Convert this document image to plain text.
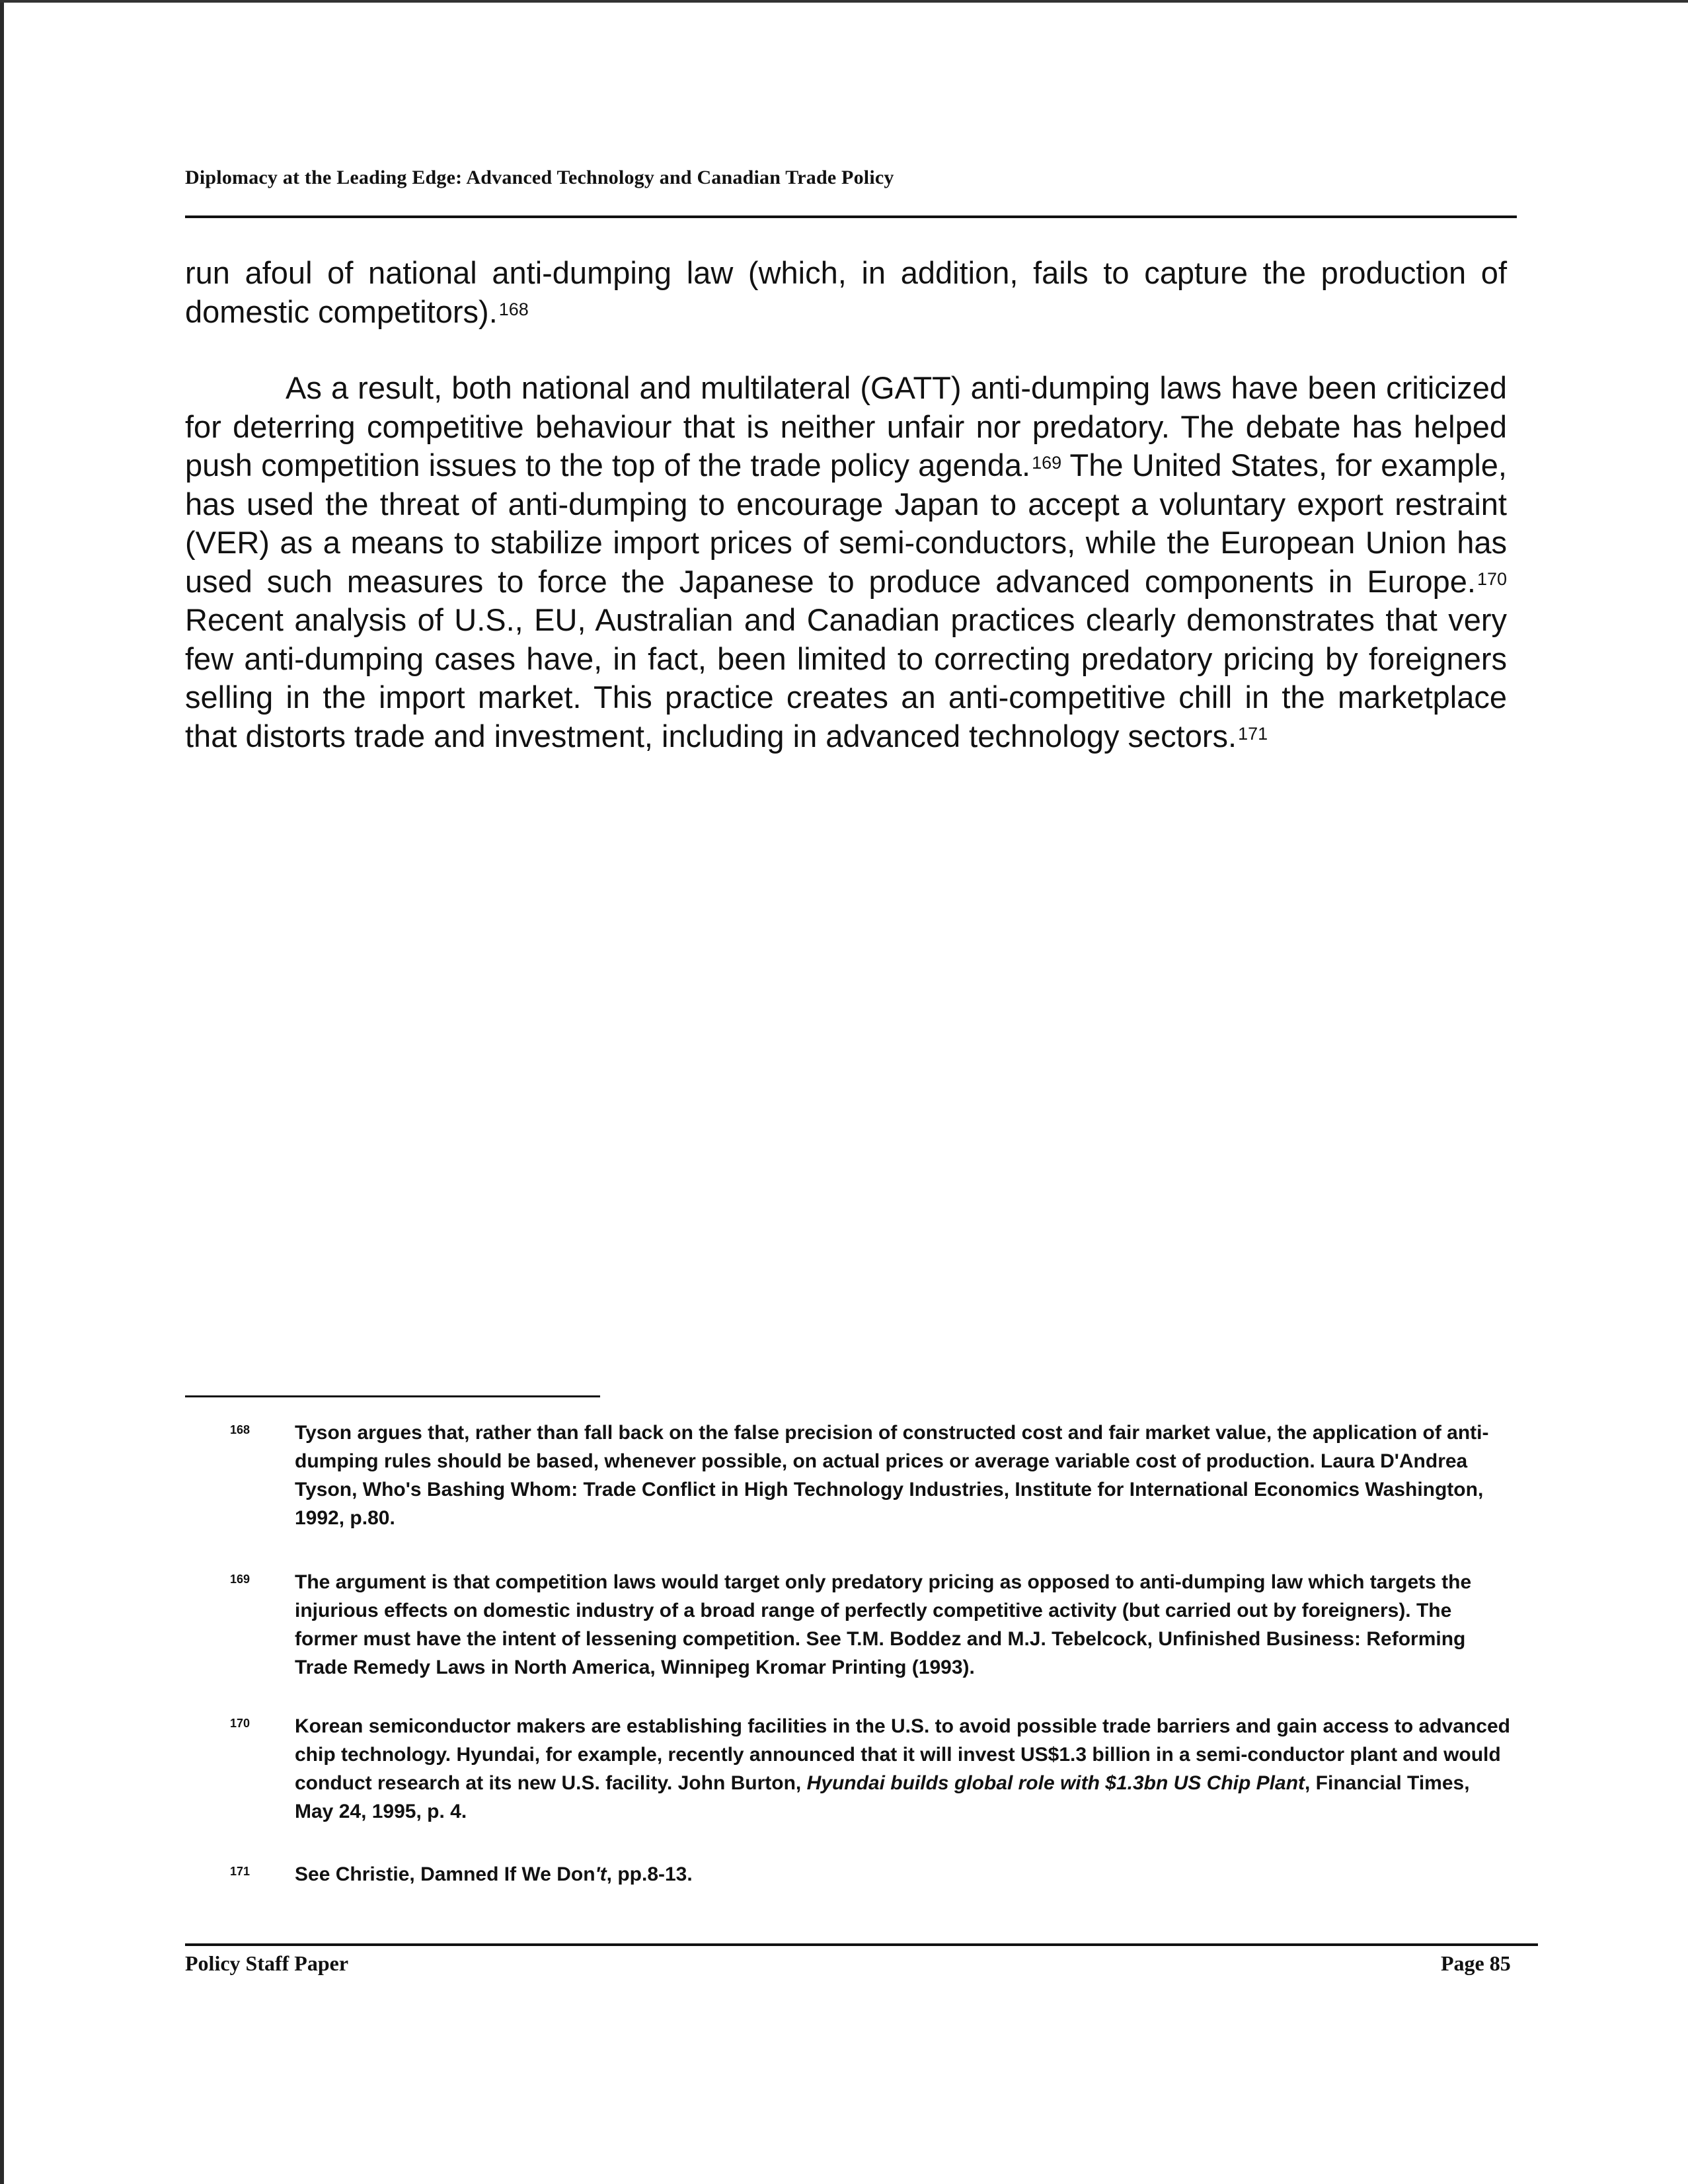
Diplomacy at the Leading Edge: Advanced Technology and Canadian Trade Policy

run afoul of national anti-dumping law (which, in addition, fails to capture the production of domestic competitors).$^{168}$

As a result, both national and multilateral (GATT) anti-dumping laws have been criticized for deterring competitive behaviour that is neither unfair nor predatory. The debate has helped push competition issues to the top of the trade policy agenda.$^{169}$ The United States, for example, has used the threat of anti-dumping to encourage Japan to accept a voluntary export restraint (VER) as a means to stabilize import prices of semi-conductors, while the European Union has used such measures to force the Japanese to produce advanced components in Europe.$^{170}$ Recent analysis of U.S., EU, Australian and Canadian practices clearly demonstrates that very few anti-dumping cases have, in fact, been limited to correcting predatory pricing by foreigners selling in the import market. This practice creates an anti-competitive chill in the marketplace that distorts trade and investment, including in advanced technology sectors.$^{171}$

168 Tyson argues that, rather than fall back on the false precision of constructed cost and fair market value, the application of anti-dumping rules should be based, whenever possible, on actual prices or average variable cost of production. Laura D'Andrea Tyson, Who's Bashing Whom: Trade Conflict in High Technology Industries, Institute for International Economics Washington, 1992, p.80.
169 The argument is that competition laws would target only predatory pricing as opposed to anti-dumping law which targets the injurious effects on domestic industry of a broad range of perfectly competitive activity (but carried out by foreigners). The former must have the intent of lessening competition. See T.M. Boddez and M.J. Tebelcock, Unfinished Business: Reforming Trade Remedy Laws in North America, Winnipeg Kromar Printing (1993).
170 Korean semiconductor makers are establishing facilities in the U.S. to avoid possible trade barriers and gain access to advanced chip technology. Hyundai, for example, recently announced that it will invest US$1.3 billion in a semi-conductor plant and would conduct research at its new U.S. facility. John Burton, Hyundai builds global role with $1.3bn US Chip Plant, Financial Times, May 24, 1995, p. 4.
171 See Christie, Damned If We Don't, pp.8-13.
Policy Staff Paper	Page 85
